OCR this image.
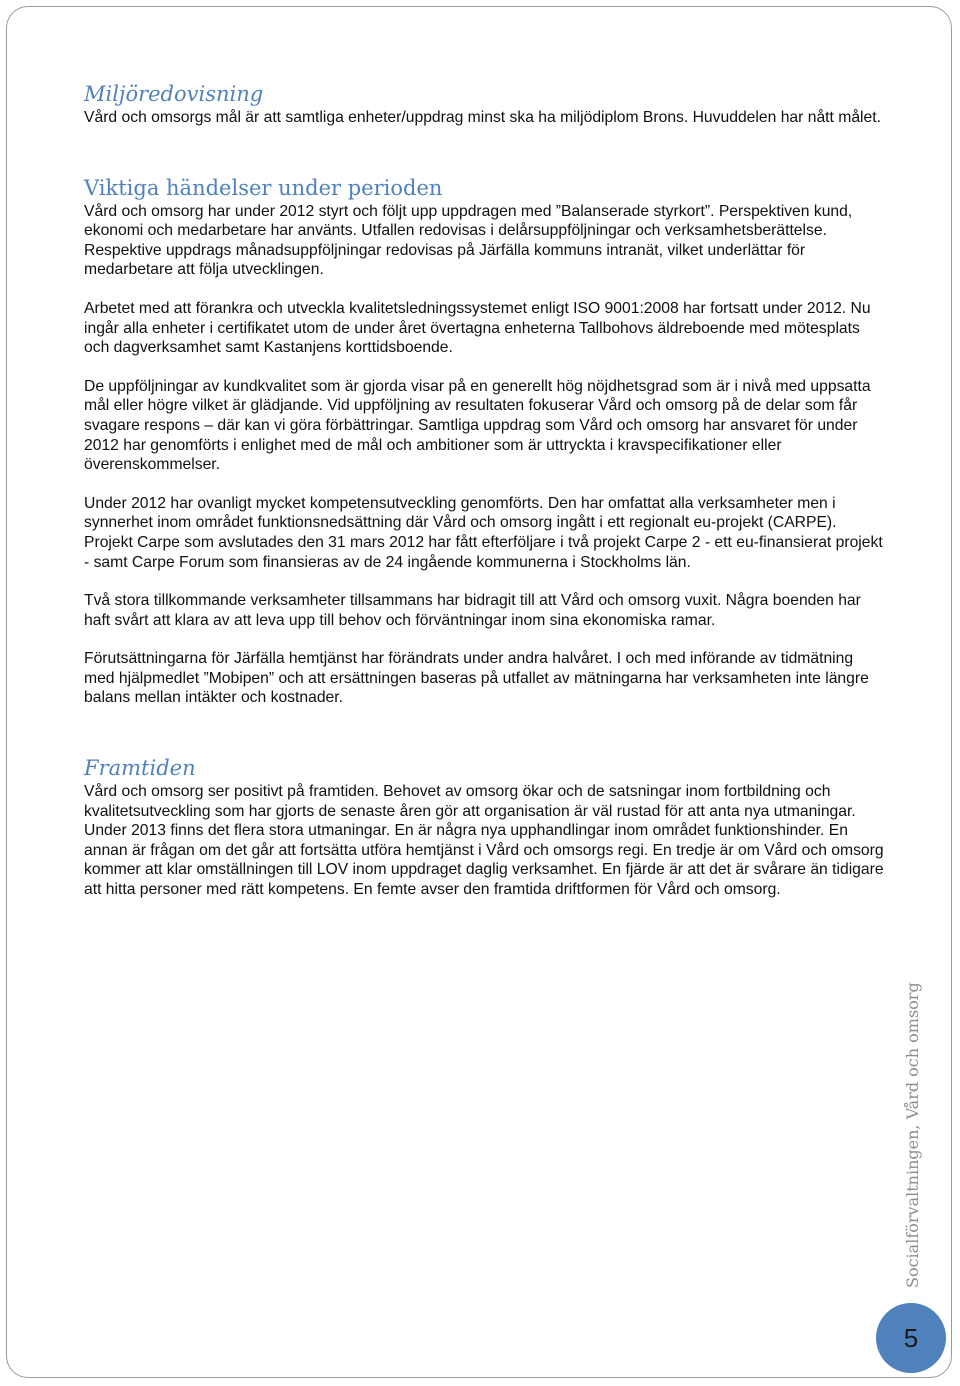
Miljöredovisning

Vård och omsorgs mål är att samtliga enheter/uppdrag minst ska ha miljödiplom Brons. Huvuddelen har nått målet.

Viktiga händelser under perioden

Vård och omsorg har under 2012 styrt och följt upp uppdragen med ”Balanserade styrkort”. Perspektiven kund, ekonomi och medarbetare har använts. Utfallen redovisas i delårsuppföljningar och verksamhetsberättelse. Respektive uppdrags månadsuppföljningar redovisas på Järfälla kommuns intranät, vilket underlättar för medarbetare att följa utvecklingen.

Arbetet med att förankra och utveckla kvalitetsledningssystemet enligt ISO 9001:2008 har fortsatt under 2012. Nu ingår alla enheter i certifikatet utom de under året övertagna enheterna Tallbohovs äldreboende med mötesplats och dagverksamhet samt Kastanjens korttidsboende.

De uppföljningar av kundkvalitet som är gjorda visar på en generellt hög nöjdhetsgrad som är i nivå med uppsatta mål eller högre vilket är glädjande. Vid uppföljning av resultaten fokuserar Vård och omsorg på de delar som får svagare respons – där kan vi göra förbättringar. Samtliga uppdrag som Vård och omsorg har ansvaret för under 2012 har genomförts i enlighet med de mål och ambitioner som är uttryckta i kravspecifikationer eller överenskommelser.

Under 2012 har ovanligt mycket kompetensutveckling genomförts. Den har omfattat alla verksamheter men i synnerhet inom området funktionsnedsättning där Vård och omsorg ingått i ett regionalt eu-projekt (CARPE). Projekt Carpe som avslutades den 31 mars 2012 har fått efterföljare i två projekt Carpe 2 - ett eu-finansierat projekt - samt Carpe Forum som finansieras av de 24 ingående kommunerna i Stockholms län.

Två stora tillkommande verksamheter tillsammans har bidragit till att Vård och omsorg vuxit. Några boenden har haft svårt att klara av att leva upp till behov och förväntningar inom sina ekonomiska ramar.

Förutsättningarna för Järfälla hemtjänst har förändrats under andra halvåret. I och med införande av tidmätning med hjälpmedlet ”Mobipen” och att ersättningen baseras på utfallet av mätningarna har verksamheten inte längre balans mellan intäkter och kostnader.

Framtiden

Vård och omsorg ser positivt på framtiden. Behovet av omsorg ökar och de satsningar inom fortbildning och kvalitetsutveckling som har gjorts de senaste åren gör att organisation är väl rustad för att anta nya utmaningar.

Under 2013 finns det flera stora utmaningar. En är några nya upphandlingar inom området funktionshinder. En annan är frågan om det går att fortsätta utföra hemtjänst i Vård och omsorgs regi. En tredje är om Vård och omsorg kommer att klar omställningen till LOV inom uppdraget daglig verksamhet. En fjärde är att det är svårare än tidigare att hitta personer med rätt kompetens. En femte avser den framtida driftformen för Vård och omsorg.

Socialförvaltningen, Vård och omsorg
5
